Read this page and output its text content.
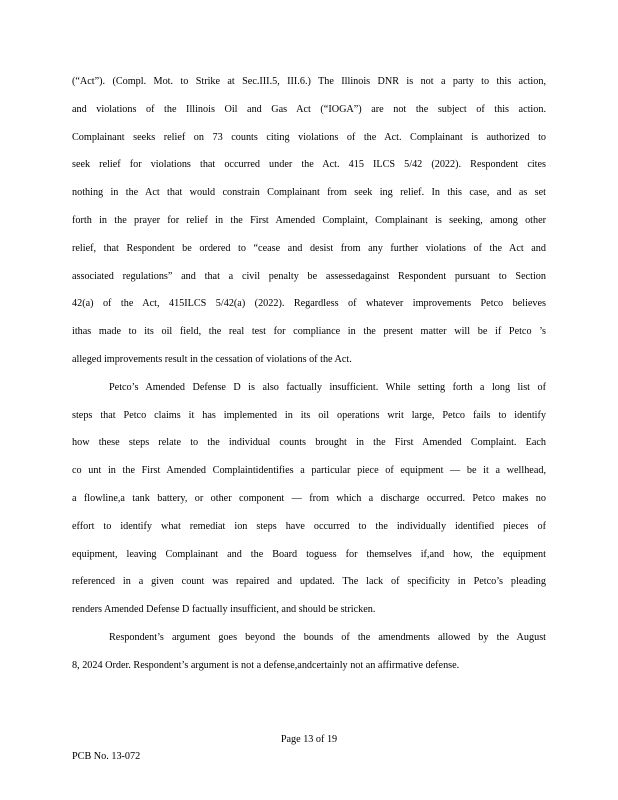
(“Act”). (Compl. Mot. to Strike at Sec.III.5, III.6.) The Illinois DNR is not a party to this action,
and violations of the Illinois Oil and Gas Act (“IOGA”) are not the subject of this action.
Complainant seeks relief on 73 counts citing violations of the Act. Complainant is authorized to
seek relief for violations that occurred under the Act. 415 ILCS 5/42 (2022). Respondent cites
nothing in the Act that would constrain Complainant from seek ing relief. In this case, and as set
forth in the prayer for relief in the First Amended Complaint, Complainant is seeking, among other
relief, that Respondent be ordered to “cease and desist from any further violations of the Act and
associated regulations” and that a civil penalty be assessedagainst Respondent pursuant to Section
42(a) of the Act, 415ILCS 5/42(a) (2022). Regardless of whatever improvements Petco believes
ithas made to its oil field, the real test for compliance in the present matter will be if Petco ’s
alleged improvements result in the cessation of violations of the Act.
Petco’s Amended Defense D is also factually insufficient. While setting forth a long list of
steps that Petco claims it has implemented in its oil operations writ large, Petco fails to identify
how these steps relate to the individual counts brought in the First Amended Complaint. Each
co unt in the First Amended Complaintidentifies a particular piece of equipment — be it a wellhead,
a flowline,a tank battery, or other component — from which a discharge occurred. Petco makes no
effort to identify what remediat ion steps have occurred to the individually identified pieces of
equipment, leaving Complainant and the Board toguess for themselves if,and how, the equipment
referenced in a given count was repaired and updated. The lack of specificity in Petco’s pleading
renders Amended Defense D factually insufficient, and should be stricken.
Respondent’s argument goes beyond the bounds of the amendments allowed by the August
8, 2024 Order. Respondent’s argument is not a defense,andcertainly not an affirmative defense.
Page 13 of 19
PCB No. 13-072
